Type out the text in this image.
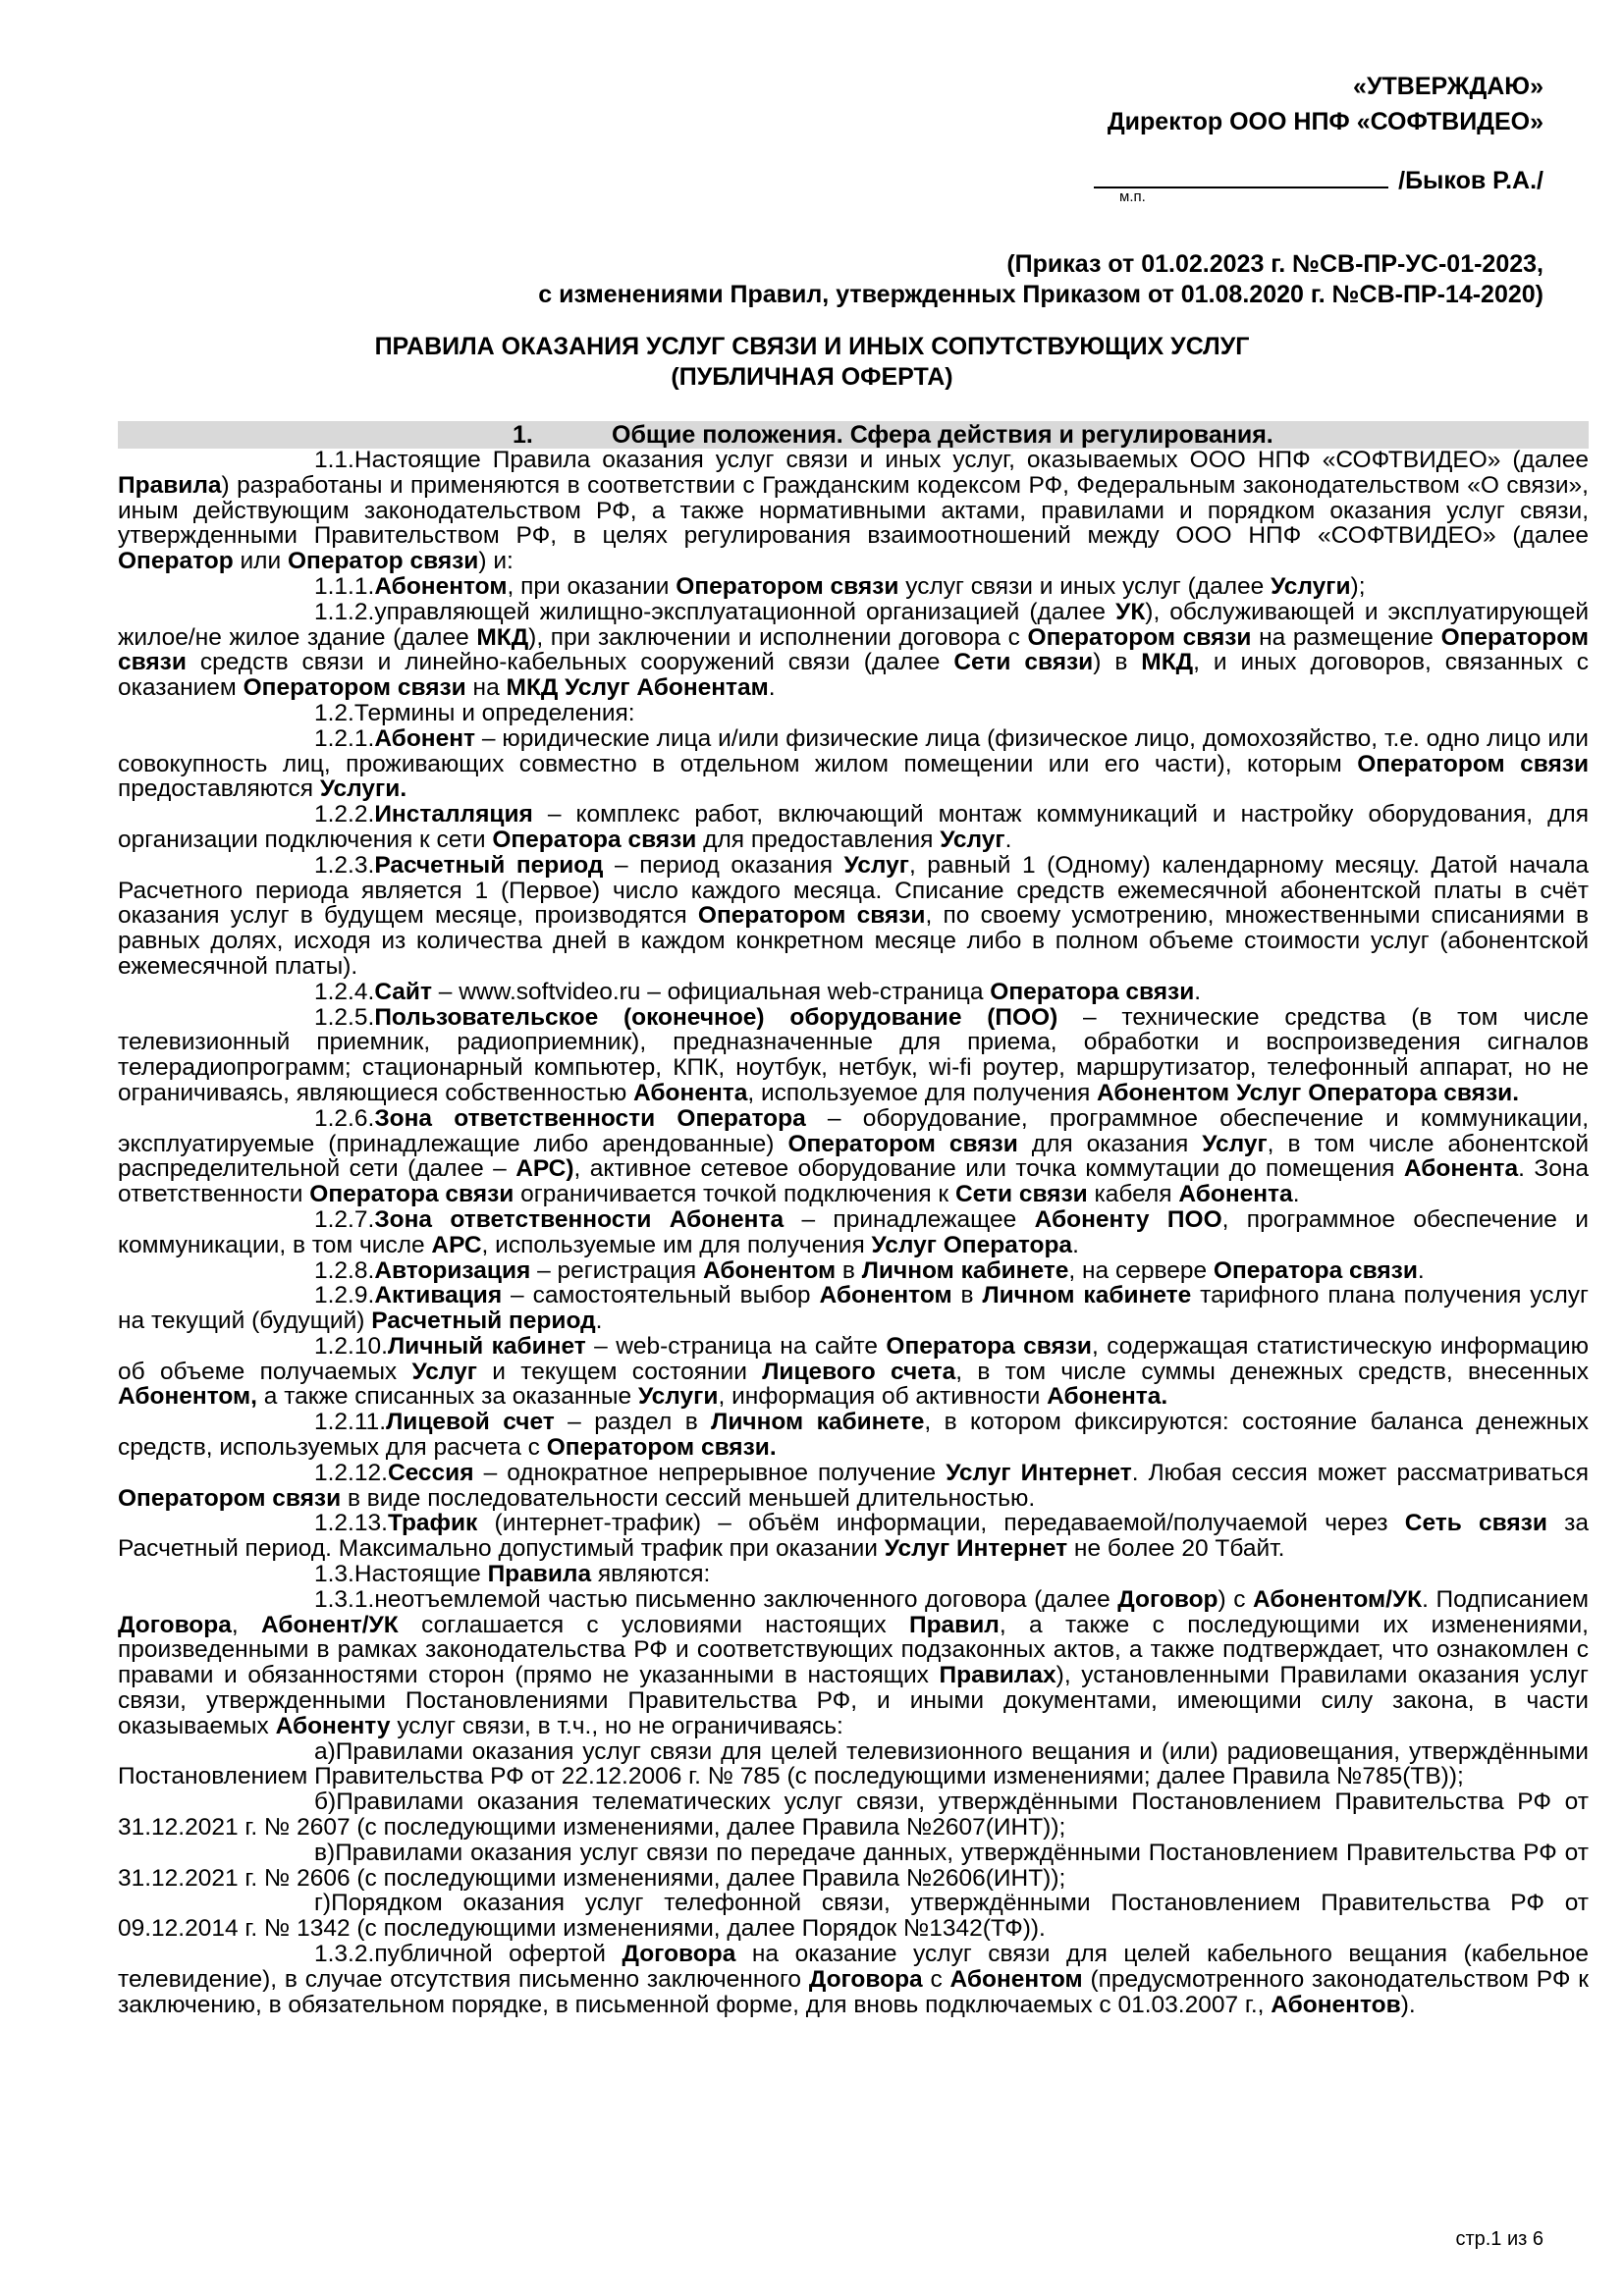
«УТВЕРЖДАЮ»
Директор ООО НПФ «СОФТВИДЕО»
/Быков Р.А./
м.п.
(Приказ от 01.02.2023 г. №СВ-ПР-УС-01-2023,
с изменениями Правил, утвержденных Приказом от 01.08.2020 г. №СВ-ПР-14-2020)
ПРАВИЛА ОКАЗАНИЯ УСЛУГ СВЯЗИ И ИНЫХ СОПУТСТВУЮЩИХ УСЛУГ
(ПУБЛИЧНАЯ ОФЕРТА)
1.	Общие положения. Сфера действия и регулирования.

1.1.Настоящие Правила оказания услуг связи и иных услуг, оказываемых ООО НПФ «СОФТВИДЕО» (далее Правила) разработаны и применяются в соответствии с Гражданским кодексом РФ, Федеральным законодательством «О связи», иным действующим законодательством РФ, а также нормативными актами, правилами и порядком оказания услуг связи, утвержденными Правительством РФ, в целях регулирования взаимоотношений между ООО НПФ «СОФТВИДЕО» (далее Оператор или Оператор связи) и:

1.1.1.Абонентом, при оказании Оператором связи услуг связи и иных услуг (далее Услуги);

1.1.2.управляющей жилищно-эксплуатационной организацией (далее УК), обслуживающей и эксплуатирующей жилое/не жилое здание (далее МКД), при заключении и исполнении договора с Оператором связи на размещение Оператором связи средств связи и линейно-кабельных сооружений связи (далее Сети связи) в МКД, и иных договоров, связанных с оказанием Оператором связи на МКД Услуг Абонентам.

1.2.Термины и определения:

1.2.1.Абонент – юридические лица и/или физические лица (физическое лицо, домохозяйство, т.е. одно лицо или совокупность лиц, проживающих совместно в отдельном жилом помещении или его части), которым Оператором связи предоставляются Услуги.

1.2.2.Инсталляция – комплекс работ, включающий монтаж коммуникаций и настройку оборудования, для организации подключения к сети Оператора связи для предоставления Услуг.

1.2.3.Расчетный период – период оказания Услуг, равный 1 (Одному) календарному месяцу. Датой начала Расчетного периода является 1 (Первое) число каждого месяца. Списание средств ежемесячной абонентской платы в счёт оказания услуг в будущем месяце, производятся Оператором связи, по своему усмотрению, множественными списаниями в равных долях, исходя из количества дней в каждом конкретном месяце либо в полном объеме стоимости услуг (абонентской ежемесячной платы).

1.2.4.Сайт – www.softvideo.ru – официальная web-страница Оператора связи.

1.2.5.Пользовательское (оконечное) оборудование (ПОО) – технические средства (в том числе телевизионный приемник, радиоприемник), предназначенные для приема, обработки и воспроизведения сигналов телерадиопрограмм; стационарный компьютер, КПК, ноутбук, нетбук, wi-fi роутер, маршрутизатор, телефонный аппарат, но не ограничиваясь, являющиеся собственностью Абонента, используемое для получения Абонентом Услуг Оператора связи.

1.2.6.Зона ответственности Оператора – оборудование, программное обеспечение и коммуникации, эксплуатируемые (принадлежащие либо арендованные) Оператором связи для оказания Услуг, в том числе абонентской распределительной сети (далее – АРС), активное сетевое оборудование или точка коммутации до помещения Абонента. Зона ответственности Оператора связи ограничивается точкой подключения к Сети связи кабеля Абонента.

1.2.7.Зона ответственности Абонента – принадлежащее Абоненту ПОО, программное обеспечение и коммуникации, в том числе АРС, используемые им для получения Услуг Оператора.

1.2.8.Авторизация – регистрация Абонентом в Личном кабинете, на сервере Оператора связи.

1.2.9.Активация – самостоятельный выбор Абонентом в Личном кабинете тарифного плана получения услуг на текущий (будущий) Расчетный период.

1.2.10.Личный кабинет – web-страница на сайте Оператора связи, содержащая статистическую информацию об объеме получаемых Услуг и текущем состоянии Лицевого счета, в том числе суммы денежных средств, внесенных Абонентом, а также списанных за оказанные Услуги, информация об активности Абонента.

1.2.11.Лицевой счет – раздел в Личном кабинете, в котором фиксируются: состояние баланса денежных средств, используемых для расчета с Оператором связи.

1.2.12.Сессия – однократное непрерывное получение Услуг Интернет. Любая сессия может рассматриваться Оператором связи в виде последовательности сессий меньшей длительностью.

1.2.13.Трафик (интернет-трафик) – объём информации, передаваемой/получаемой через Сеть связи за Расчетный период. Максимально допустимый трафик при оказании Услуг Интернет не более 20 Тбайт.

1.3.Настоящие Правила являются:

1.3.1.неотъемлемой частью письменно заключенного договора (далее Договор) с Абонентом/УК. Подписанием Договора, Абонент/УК соглашается с условиями настоящих Правил, а также с последующими их изменениями, произведенными в рамках законодательства РФ и соответствующих подзаконных актов, а также подтверждает, что ознакомлен с правами и обязанностями сторон (прямо не указанными в настоящих Правилах), установленными Правилами оказания услуг связи, утвержденными Постановлениями Правительства РФ, и иными документами, имеющими силу закона, в части оказываемых Абоненту услуг связи, в т.ч., но не ограничиваясь:

а)Правилами оказания услуг связи для целей телевизионного вещания и (или) радиовещания, утверждёнными Постановлением Правительства РФ от 22.12.2006 г. № 785 (с последующими изменениями; далее Правила №785(ТВ));

б)Правилами оказания телематических услуг связи, утверждёнными Постановлением Правительства РФ от 31.12.2021 г. № 2607 (с последующими изменениями, далее Правила №2607(ИНТ));

в)Правилами оказания услуг связи по передаче данных, утверждёнными Постановлением Правительства РФ от 31.12.2021 г. № 2606 (с последующими изменениями, далее Правила №2606(ИНТ));

г)Порядком оказания услуг телефонной связи, утверждёнными Постановлением Правительства РФ от 09.12.2014 г. № 1342 (с последующими изменениями, далее Порядок №1342(ТФ)).

1.3.2.публичной офертой Договора на оказание услуг связи для целей кабельного вещания (кабельное телевидение), в случае отсутствия письменно заключенного Договора с Абонентом (предусмотренного законодательством РФ к заключению, в обязательном порядке, в письменной форме, для вновь подключаемых с 01.03.2007 г., Абонентов).

стр.1 из 6
